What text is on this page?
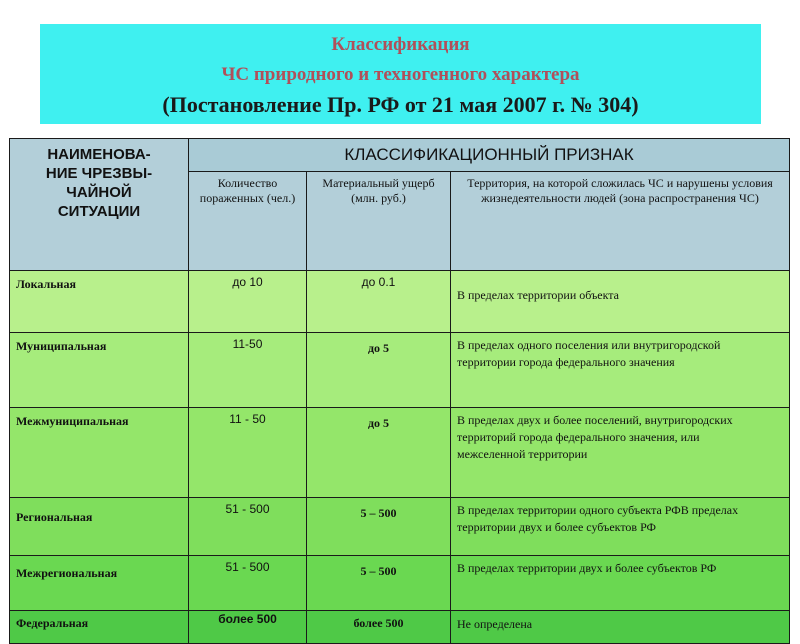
Классификация
ЧС природного и техногенного характера
(Постановление Пр. РФ от 21 мая 2007 г. № 304)
НАИМЕНОВА-
НИЕ ЧРЕЗВЫ-
ЧАЙНОЙ
СИТУАЦИИ	КЛАССИФИКАЦИОННЫЙ ПРИЗНАК		
	Количество пораженных (чел.)	Материальный ущерб (млн. руб.)	Территория, на которой сложилась ЧС и нарушены условия жизнедеятельности людей (зона распространения ЧС)
Локальная	до 10	до 0.1	В пределах территории объекта
Муниципальная	11-50	до 5	В пределах одного поселения или внутригородской территории города федерального значения
Межмуниципальная	11 - 50	до 5	В пределах двух и более поселений, внутригородских территорий города федерального значения, или межселенной территории
Региональная	51 - 500	5 – 500	В пределах территории одного субъекта РФВ пределах территории двух и более субъектов РФ
Межрегиональная	51 - 500	5 – 500	В пределах территории двух и более субъектов РФ
Федеральная	более 500	более 500	Не определена
